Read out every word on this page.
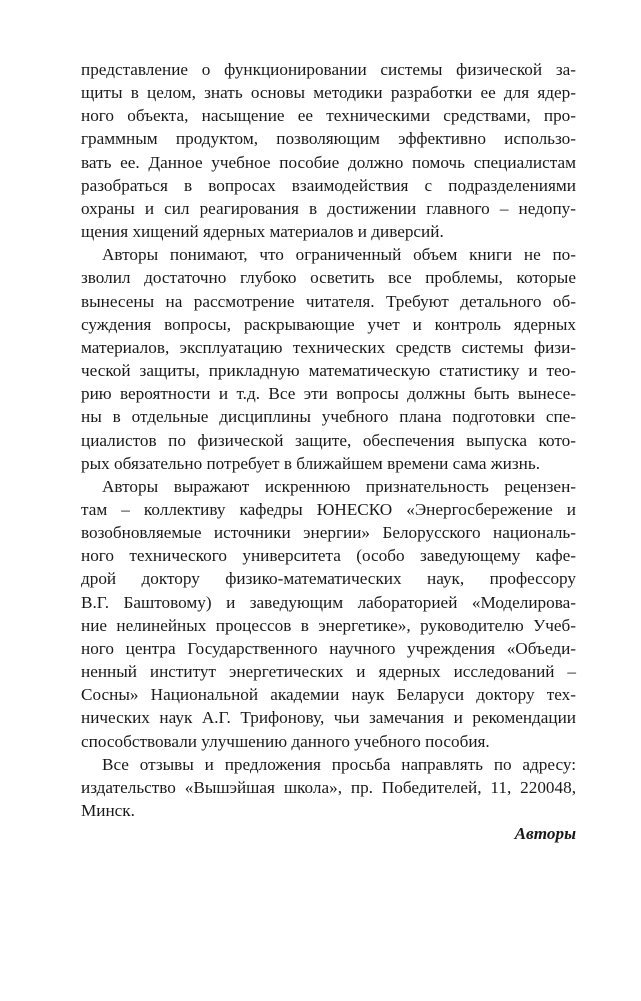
представление о функционировании системы физической за-
щиты в целом, знать основы методики разработки ее для ядер-
ного объекта, насыщение ее техническими средствами, про-
граммным продуктом, позволяющим эффективно использо-
вать ее. Данное учебное пособие должно помочь специалистам
разобраться в вопросах взаимодействия с подразделениями
охраны и сил реагирования в достижении главного – недопу-
щения хищений ядерных материалов и диверсий.
Авторы понимают, что ограниченный объем книги не по-
зволил достаточно глубоко осветить все проблемы, которые
вынесены на рассмотрение читателя. Требуют детального об-
суждения вопросы, раскрывающие учет и контроль ядерных
материалов, эксплуатацию технических средств системы физи-
ческой защиты, прикладную математическую статистику и тео-
рию вероятности и т.д. Все эти вопросы должны быть вынесе-
ны в отдельные дисциплины учебного плана подготовки спе-
циалистов по физической защите, обеспечения выпуска кото-
рых обязательно потребует в ближайшем времени сама жизнь.
Авторы выражают искреннюю признательность рецензен-
там – коллективу кафедры ЮНЕСКО «Энергосбережение и
возобновляемые источники энергии» Белорусского националь-
ного технического университета (особо заведующему кафе-
дрой доктору физико-математических наук, профессору
В.Г. Баштовому) и заведующим лабораторией «Моделирова-
ние нелинейных процессов в энергетике», руководителю Учеб-
ного центра Государственного научного учреждения «Объеди-
ненный институт энергетических и ядерных исследований –
Сосны» Национальной академии наук Беларуси доктору тех-
нических наук А.Г. Трифонову, чьи замечания и рекомендации
способствовали улучшению данного учебного пособия.
Все отзывы и предложения просьба направлять по адресу:
издательство «Вышэйшая школа», пр. Победителей, 11, 220048,
Минск.
Авторы
